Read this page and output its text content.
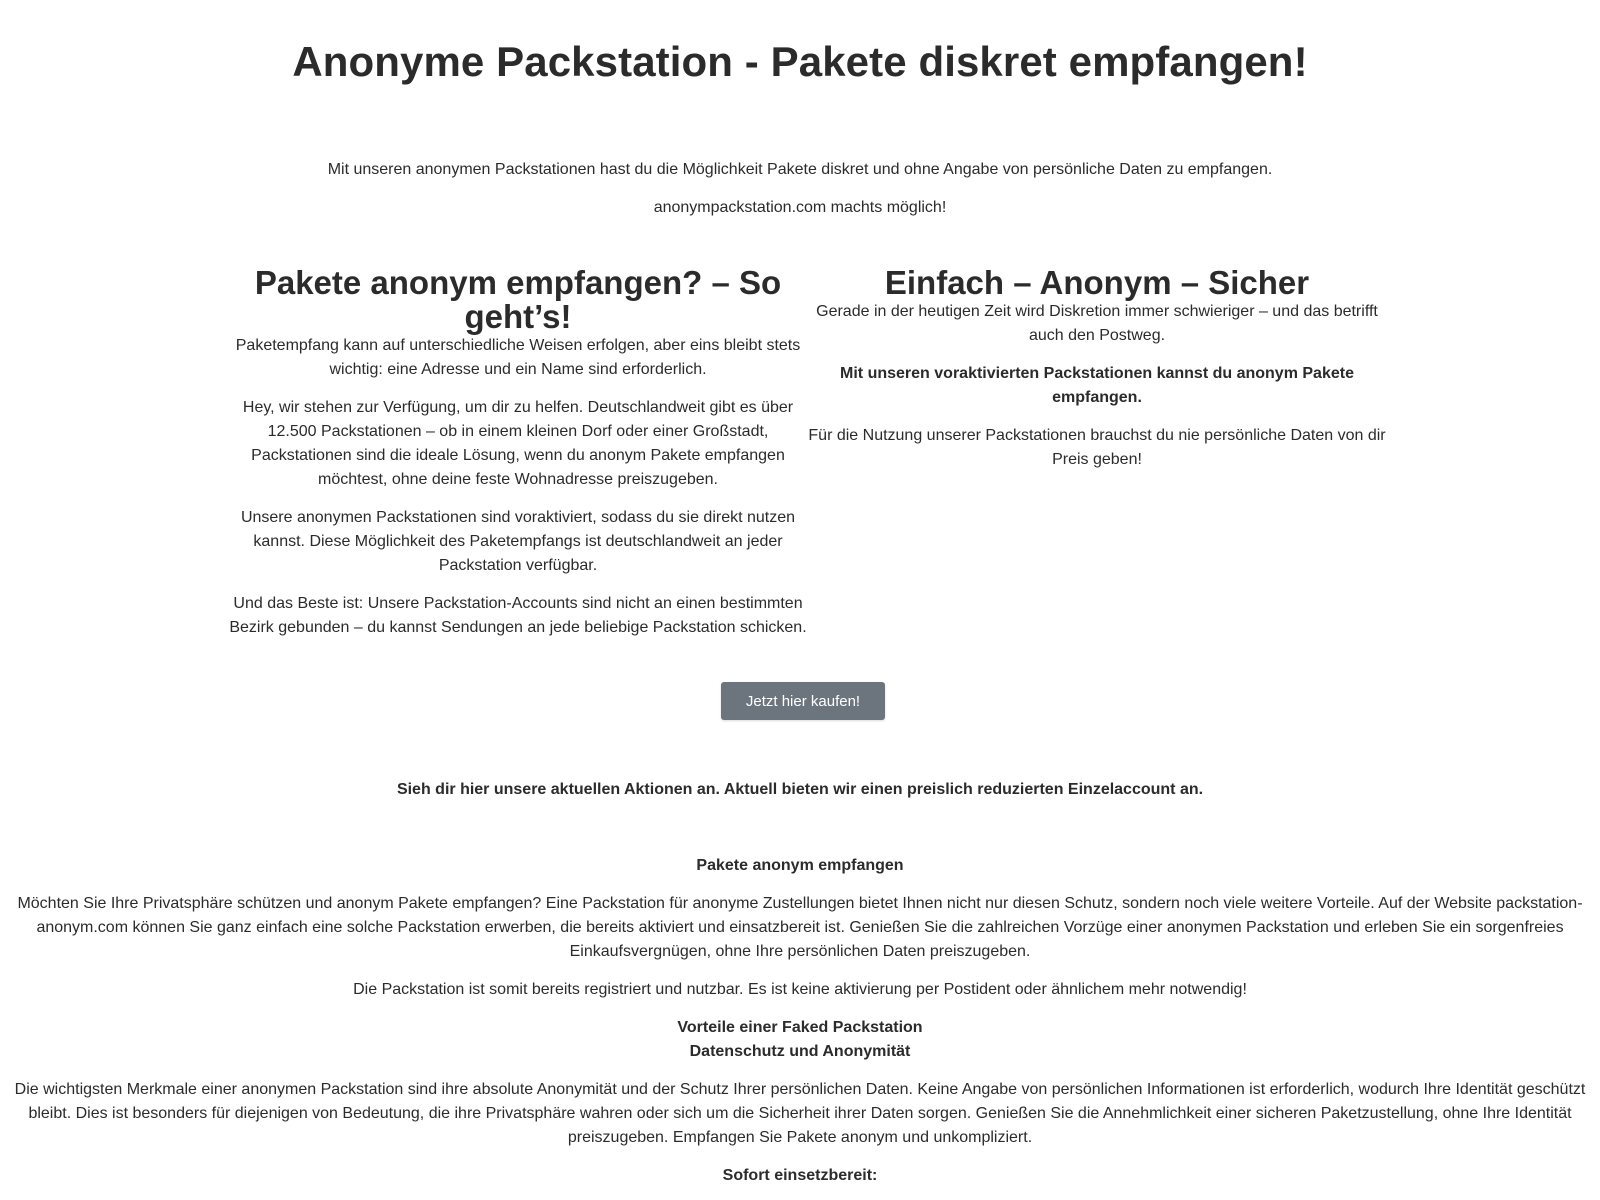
Anonyme Packstation - Pakete diskret empfangen!

Mit unseren anonymen Packstationen hast du die Möglichkeit Pakete diskret und ohne Angabe von persönliche Daten zu empfangen.

anonympackstation.com machts möglich!

Pakete anonym empfangen? – So geht’s!

Paketempfang kann auf unterschiedliche Weisen erfolgen, aber eins bleibt stets wichtig: eine Adresse und ein Name sind erforderlich.

Hey, wir stehen zur Verfügung, um dir zu helfen. Deutschlandweit gibt es über 12.500 Packstationen – ob in einem kleinen Dorf oder einer Großstadt, Packstationen sind die ideale Lösung, wenn du anonym Pakete empfangen möchtest, ohne deine feste Wohnadresse preiszugeben.

Unsere anonymen Packstationen sind voraktiviert, sodass du sie direkt nutzen kannst. Diese Möglichkeit des Paketempfangs ist deutschlandweit an jeder Packstation verfügbar.

Und das Beste ist: Unsere Packstation-Accounts sind nicht an einen bestimmten Bezirk gebunden – du kannst Sendungen an jede beliebige Packstation schicken.

Einfach – Anonym – Sicher

Gerade in der heutigen Zeit wird Diskretion immer schwieriger – und das betrifft auch den Postweg.

Mit unseren voraktivierten Packstationen kannst du anonym Pakete empfangen.

Für die Nutzung unserer Packstationen brauchst du nie persönliche Daten von dir Preis geben!

Jetzt hier kaufen!

Sieh dir hier unsere aktuellen Aktionen an. Aktuell bieten wir einen preislich reduzierten Einzelaccount an.

Pakete anonym empfangen

Möchten Sie Ihre Privatsphäre schützen und anonym Pakete empfangen? Eine Packstation für anonyme Zustellungen bietet Ihnen nicht nur diesen Schutz, sondern noch viele weitere Vorteile. Auf der Website packstation-anonym.com können Sie ganz einfach eine solche Packstation erwerben, die bereits aktiviert und einsatzbereit ist. Genießen Sie die zahlreichen Vorzüge einer anonymen Packstation und erleben Sie ein sorgenfreies Einkaufsvergnügen, ohne Ihre persönlichen Daten preiszugeben.

Die Packstation ist somit bereits registriert und nutzbar. Es ist keine aktivierung per Postident oder ähnlichem mehr notwendig!

Vorteile einer Faked Packstation
Datenschutz und Anonymität

Die wichtigsten Merkmale einer anonymen Packstation sind ihre absolute Anonymität und der Schutz Ihrer persönlichen Daten. Keine Angabe von persönlichen Informationen ist erforderlich, wodurch Ihre Identität geschützt bleibt. Dies ist besonders für diejenigen von Bedeutung, die ihre Privatsphäre wahren oder sich um die Sicherheit ihrer Daten sorgen. Genießen Sie die Annehmlichkeit einer sicheren Paketzustellung, ohne Ihre Identität preiszugeben. Empfangen Sie Pakete anonym und unkompliziert.

Sofort einsetzbereit:
